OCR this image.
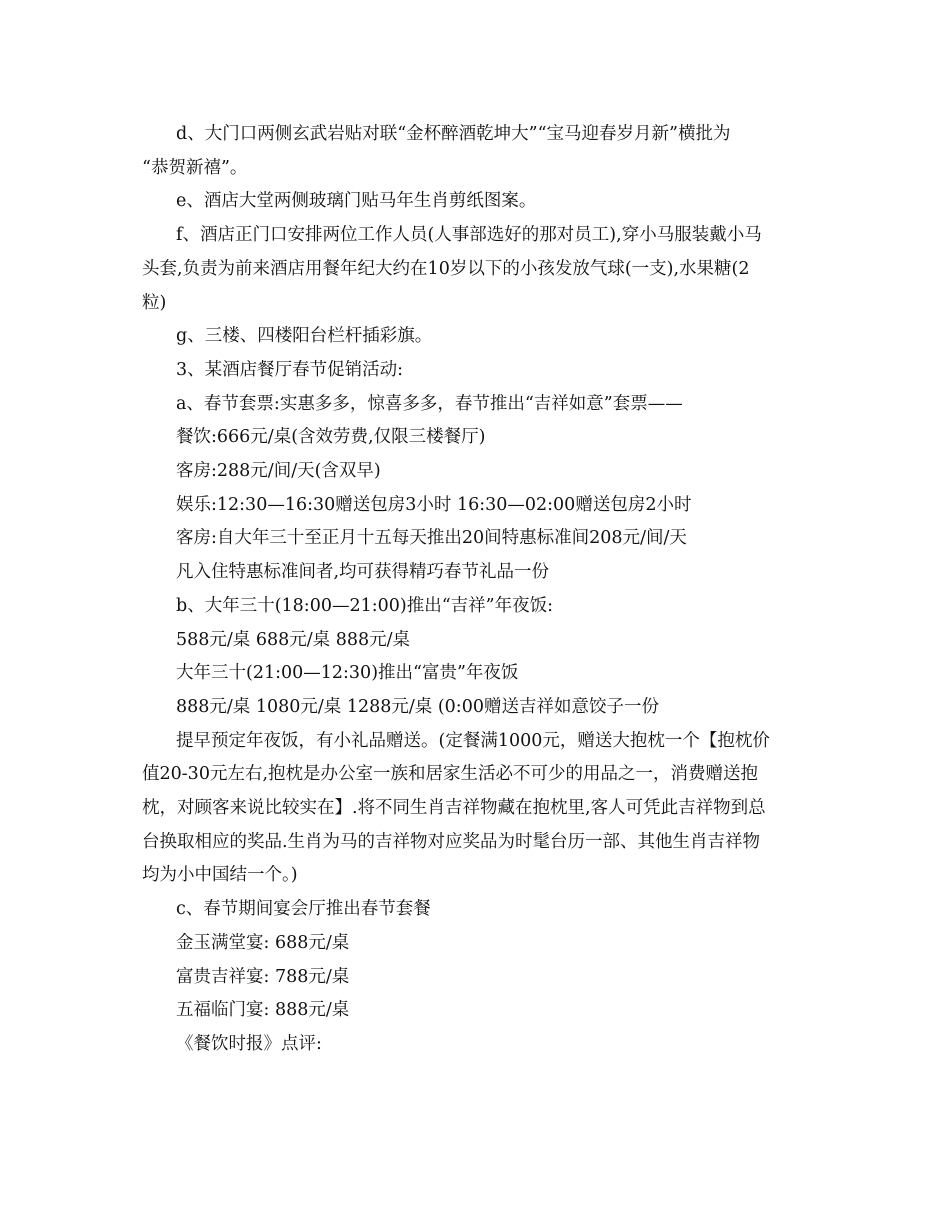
d、大门口两侧玄武岩贴对联“金杯醉酒乾坤大”“宝马迎春岁月新”横批为

“恭贺新禧”。

e、酒店大堂两侧玻璃门贴马年生肖剪纸图案。

f、酒店正门口安排两位工作人员(人事部选好的那对员工),穿小马服装戴小马

头套,负责为前来酒店用餐年纪大约在10岁以下的小孩发放气球(一支),水果糖(2

粒)

g、三楼、四楼阳台栏杆插彩旗。

3、某酒店餐厅春节促销活动:

a、春节套票:实惠多多，惊喜多多，春节推出“吉祥如意”套票——

餐饮:666元/桌(含效劳费,仅限三楼餐厅)

客房:288元/间/天(含双早)

娱乐:12:30—16:30赠送包房3小时 16:30—02:00赠送包房2小时

客房:自大年三十至正月十五每天推出20间特惠标准间208元/间/天

凡入住特惠标准间者,均可获得精巧春节礼品一份

b、大年三十(18:00—21:00)推出“吉祥”年夜饭:

588元/桌 688元/桌 888元/桌

大年三十(21:00—12:30)推出“富贵”年夜饭

888元/桌 1080元/桌 1288元/桌 (0:00赠送吉祥如意饺子一份

提早预定年夜饭，有小礼品赠送。(定餐满1000元，赠送大抱枕一个【抱枕价

值20-30元左右,抱枕是办公室一族和居家生活必不可少的用品之一，消费赠送抱

枕，对顾客来说比较实在】.将不同生肖吉祥物藏在抱枕里,客人可凭此吉祥物到总

台换取相应的奖品.生肖为马的吉祥物对应奖品为时髦台历一部、其他生肖吉祥物

均为小中国结一个。)

c、春节期间宴会厅推出春节套餐

金玉满堂宴: 688元/桌

富贵吉祥宴: 788元/桌

五福临门宴: 888元/桌

《餐饮时报》点评:
